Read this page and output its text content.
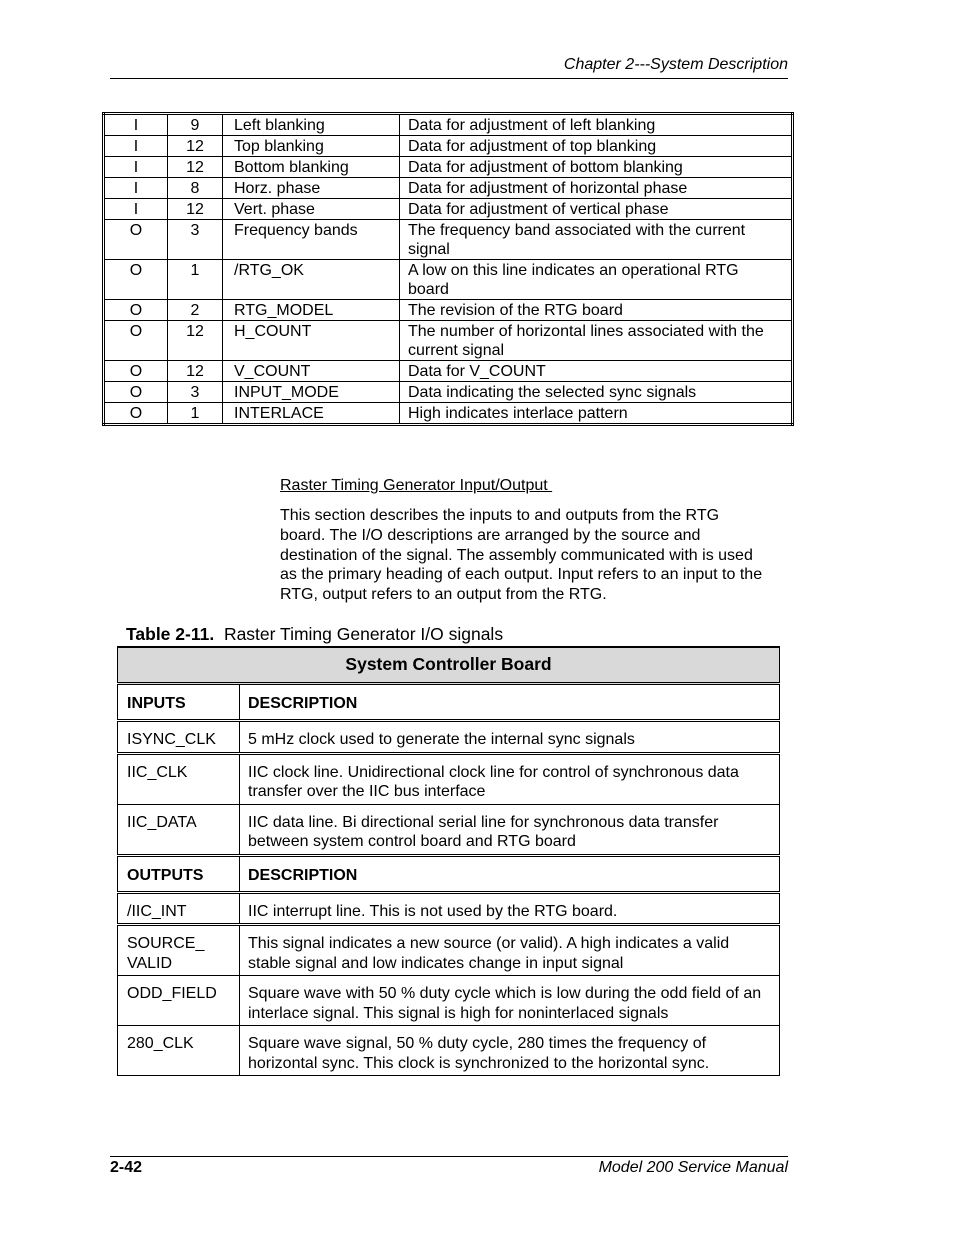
Chapter 2---System Description
I	9	Left blanking	Data for adjustment of left blanking
I	12	Top blanking	Data for adjustment of top blanking
I	12	Bottom blanking	Data for adjustment of bottom blanking
I	8	Horz. phase	Data for adjustment of horizontal phase
I	12	Vert. phase	Data for adjustment of vertical phase
O	3	Frequency bands	The frequency band associated with the current signal
O	1	/RTG_OK	A low on this line indicates an operational RTG board
O	2	RTG_MODEL	The revision of the RTG board
O	12	H_COUNT	The number of horizontal lines associated with the current signal
O	12	V_COUNT	Data for V_COUNT
O	3	INPUT_MODE	Data indicating the selected sync signals
O	1	INTERLACE	High indicates interlace pattern
Raster Timing Generator Input/Output
This section describes the inputs to and outputs from the RTG board. The I/O descriptions are arranged by the source and destination of the signal. The assembly communicated with is used as the primary heading of each output. Input refers to an input to the RTG, output refers to an output from the RTG.
Table 2-11. Raster Timing Generator I/O signals
System Controller Board	
INPUTS	DESCRIPTION
ISYNC_CLK	5 mHz clock used to generate the internal sync signals
IIC_CLK	IIC clock line. Unidirectional clock line for control of synchronous data transfer over the IIC bus interface
IIC_DATA	IIC data line. Bi directional serial line for synchronous data transfer between system control board and RTG board
OUTPUTS	DESCRIPTION
/IIC_INT	IIC interrupt line. This is not used by the RTG board.
SOURCE_ VALID	This signal indicates a new source (or valid). A high indicates a valid stable signal and low indicates change in input signal
ODD_FIELD	Square wave with 50 % duty cycle which is low during the odd field of an interlace signal. This signal is high for noninterlaced signals
280_CLK	Square wave signal, 50 % duty cycle, 280 times the frequency of horizontal sync. This clock is synchronized to the horizontal sync.
2-42	Model 200 Service Manual
